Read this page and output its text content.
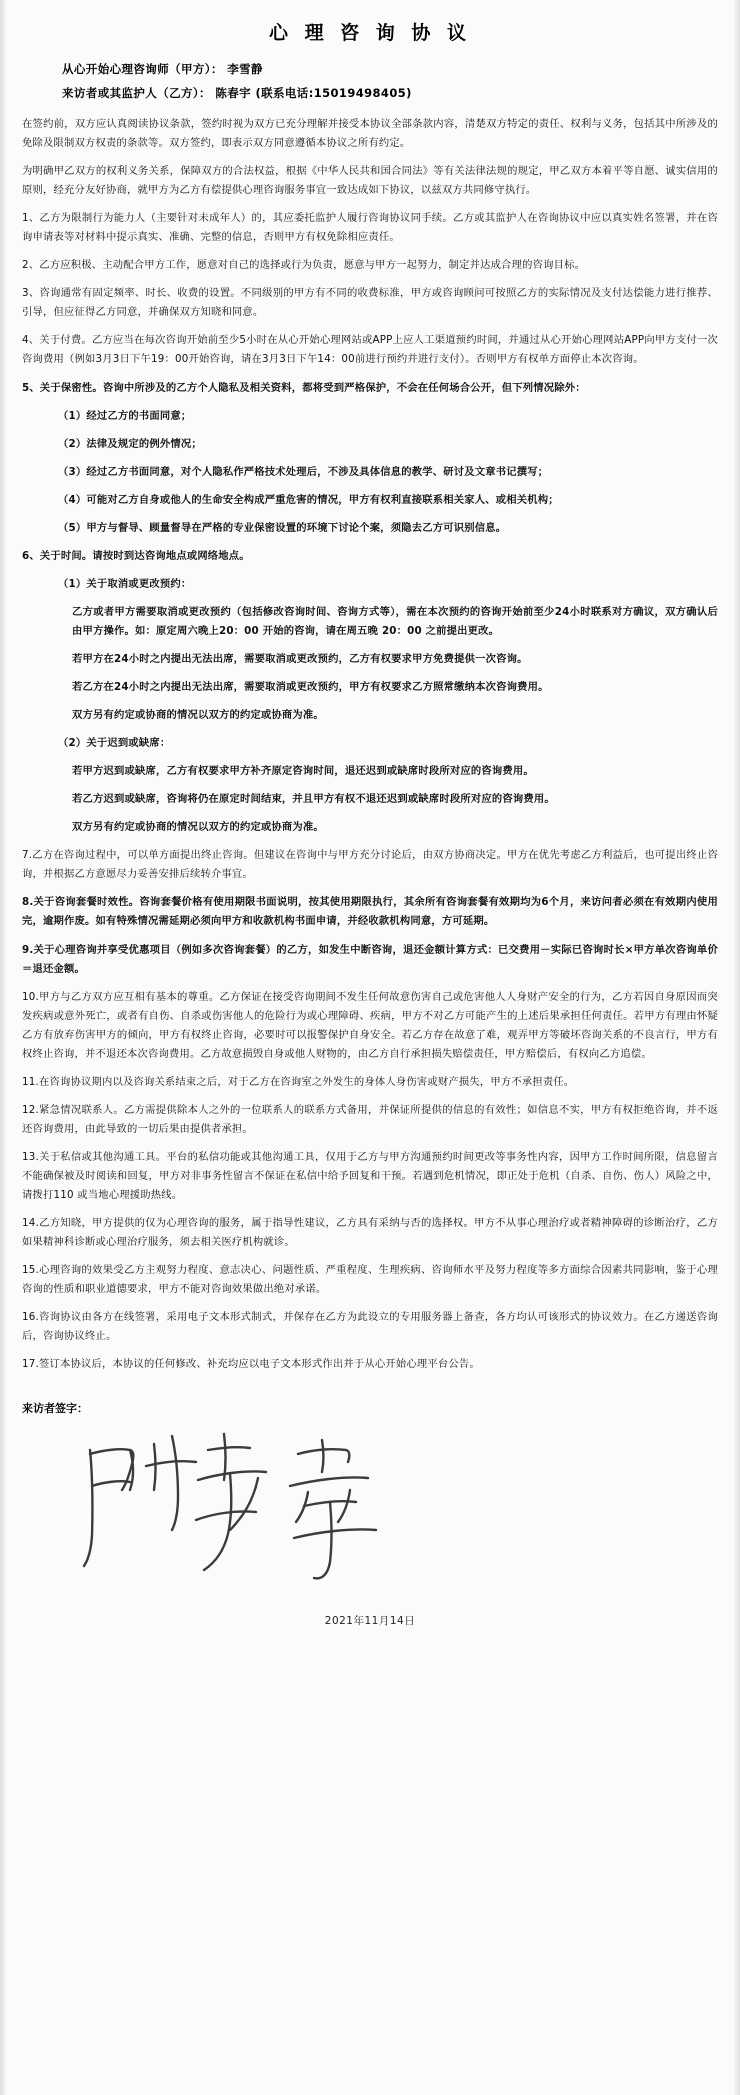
心 理 咨 询 协 议
从心开始心理咨询师（甲方）： 李雪静
来访者或其监护人（乙方）： 陈春宇 (联系电话:15019498405)

在签约前，双方应认真阅读协议条款，签约时视为双方已充分理解并接受本协议全部条款内容，清楚双方特定的责任、权利与义务，包括其中所涉及的免除及限制双方权责的条款等。双方签约，即表示双方同意遵循本协议之所有约定。

为明确甲乙双方的权利义务关系，保障双方的合法权益，根据《中华人民共和国合同法》等有关法律法规的规定，甲乙双方本着平等自愿、诚实信用的原则，经充分友好协商，就甲方为乙方有偿提供心理咨询服务事宜一致达成如下协议，以兹双方共同修守执行。

1、乙方为限制行为能力人（主要针对未成年人）的，其应委托监护人履行咨询协议同手续。乙方或其监护人在咨询协议中应以真实姓名签署，并在咨询申请表等对材料中提示真实、准确、完整的信息，否则甲方有权免除相应责任。

2、乙方应积极、主动配合甲方工作，愿意对自己的选择或行为负责，愿意与甲方一起努力，制定并达成合理的咨询目标。

3、咨询通常有固定频率、时长、收费的设置。不同级别的甲方有不同的收费标准，甲方或咨询顾问可按照乙方的实际情况及支付达偿能力进行推荐、引导，但应征得乙方同意，并确保双方知晓和同意。

4、关于付费。乙方应当在每次咨询开始前至少5小时在从心开始心理网站或APP上应人工渠道预约时间，并通过从心开始心理网站APP向甲方支付一次咨询费用（例如3月3日下午19：00开始咨询，请在3月3日下午14：00前进行预约并进行支付）。否则甲方有权单方面停止本次咨询。

5、关于保密性。咨询中所涉及的乙方个人隐私及相关资料，都将受到严格保护，不会在任何场合公开，但下列情况除外：

（1）经过乙方的书面同意；

（2）法律及规定的例外情况；

（3）经过乙方书面同意，对个人隐私作严格技术处理后，不涉及具体信息的教学、研讨及文章书记撰写；

（4）可能对乙方自身或他人的生命安全构成严重危害的情况，甲方有权利直接联系相关家人、或相关机构；

（5）甲方与督导、顾量督导在严格的专业保密设置的环境下讨论个案，须隐去乙方可识别信息。

6、关于时间。请按时到达咨询地点或网络地点。

（1）关于取消或更改预约：

乙方或者甲方需要取消或更改预约（包括修改咨询时间、咨询方式等），需在本次预约的咨询开始前至少24小时联系对方确议，双方确认后由甲方操作。如：原定周六晚上20：00 开始的咨询，请在周五晚 20：00 之前提出更改。

若甲方在24小时之内提出无法出席，需要取消或更改预约，乙方有权要求甲方免费提供一次咨询。

若乙方在24小时之内提出无法出席，需要取消或更改预约，甲方有权要求乙方照常缴纳本次咨询费用。

双方另有约定或协商的情况以双方的约定或协商为准。

（2）关于迟到或缺席：

若甲方迟到或缺席，乙方有权要求甲方补齐原定咨询时间，退还迟到或缺席时段所对应的咨询费用。

若乙方迟到或缺席，咨询将仍在原定时间结束，并且甲方有权不退还迟到或缺席时段所对应的咨询费用。

双方另有约定或协商的情况以双方的约定或协商为准。

7.乙方在咨询过程中，可以单方面提出终止咨询。但建议在咨询中与甲方充分讨论后，由双方协商决定。甲方在优先考虑乙方利益后，也可提出终止咨询，并根据乙方意愿尽力妥善安排后续转介事宜。

8.关于咨询套餐时效性。咨询套餐价格有使用期限书面说明，按其使用期限执行，其余所有咨询套餐有效期均为6个月，来访问者必须在有效期内使用完，逾期作废。如有特殊情况需延期必须向甲方和收款机构书面申请，并经收款机构同意，方可延期。

9.关于心理咨询并享受优惠项目（例如多次咨询套餐）的乙方，如发生中断咨询，退还金额计算方式：已交费用－实际已咨询时长×甲方单次咨询单价＝退还金额。

10.甲方与乙方双方应互相有基本的尊重。乙方保证在接受咨询期间不发生任何故意伤害自己或危害他人人身财产安全的行为，乙方若因自身原因而突发疾病或意外死亡，或者有自伤、自杀或伤害他人的危险行为或心理障碍、疾病，甲方不对乙方可能产生的上述后果承担任何责任。若甲方有理由怀疑乙方有放弃伤害甲方的倾向，甲方有权终止咨询，必要时可以报警保护自身安全。若乙方存在故意了难，观弄甲方等破坏咨询关系的不良言行，甲方有权终止咨询，并不退还本次咨询费用。乙方故意损毁自身或他人财物的，由乙方自行承担损失赔偿责任，甲方赔偿后，有权向乙方追偿。

11.在咨询协议期内以及咨询关系结束之后，对于乙方在咨询室之外发生的身体人身伤害或财产损失，甲方不承担责任。

12.紧急情况联系人。乙方需提供除本人之外的一位联系人的联系方式备用，并保证所提供的信息的有效性；如信息不实，甲方有权拒绝咨询，并不返还咨询费用，由此导致的一切后果由提供者承担。

13.关于私信或其他沟通工具。平台的私信功能或其他沟通工具，仅用于乙方与甲方沟通预约时间更改等事务性内容，因甲方工作时间所限，信息留言不能确保被及时阅读和回复，甲方对非事务性留言不保证在私信中给予回复和干预。若遇到危机情况，即正处于危机（自杀、自伤、伤人）风险之中，请拨打110 或当地心理援助热线。

14.乙方知晓，甲方提供的仅为心理咨询的服务，属于指导性建议，乙方具有采纳与否的选择权。甲方不从事心理治疗或者精神障碍的诊断治疗，乙方如果精神科诊断或心理治疗服务，须去相关医疗机构就诊。

15.心理咨询的效果受乙方主观努力程度、意志决心、问题性质、严重程度、生理疾病、咨询师水平及努力程度等多方面综合因素共同影响，鉴于心理咨询的性质和职业道德要求，甲方不能对咨询效果做出绝对承诺。

16.咨询协议由各方在线签署，采用电子文本形式制式，并保存在乙方为此设立的专用服务器上备查，各方均认可该形式的协议效力。在乙方递送咨询后，咨询协议终止。

17.签订本协议后，本协议的任何修改、补充均应以电子文本形式作出并于从心开始心理平台公告。

来访者签字：
2021年11月14日
